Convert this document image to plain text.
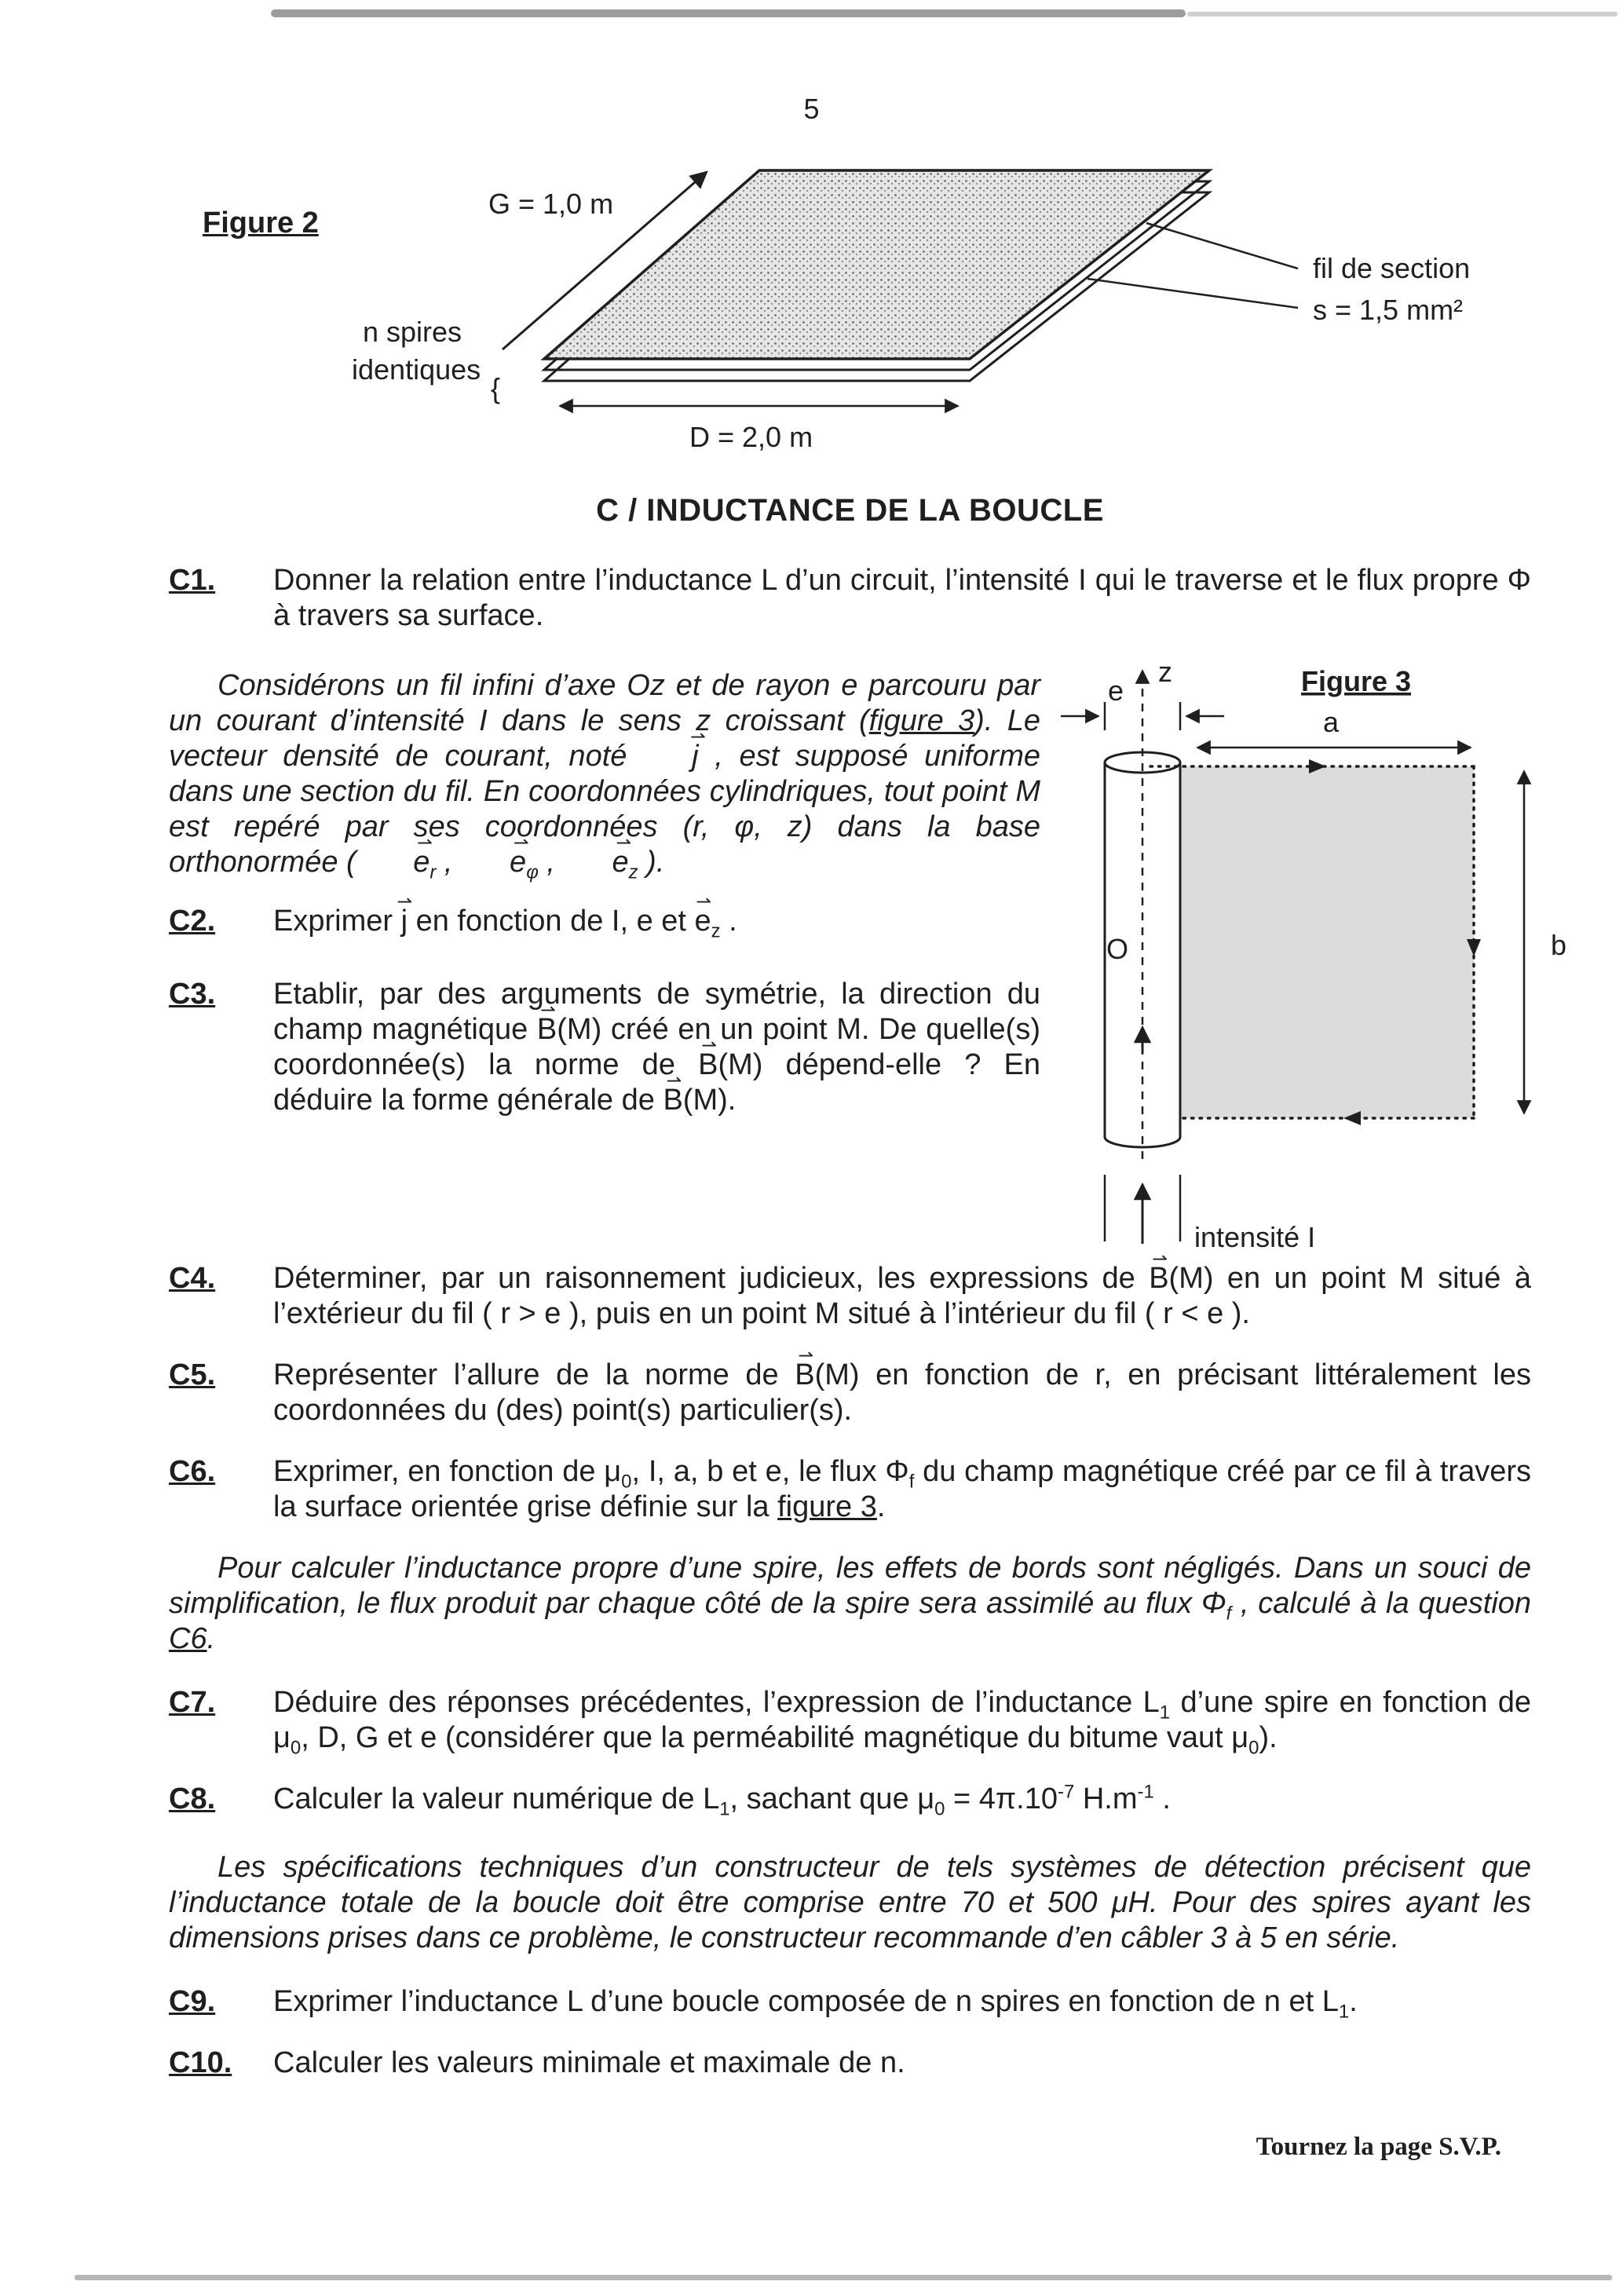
5
Figure 2
G = 1,0 m
{
n spires
identiques
fil de section
s = 1,5 mm²
D = 2,0 m
C / INDUCTANCE DE LA BOUCLE
C1. Donner la relation entre l’inductance L d’un circuit, l’intensité I qui le traverse et le flux propre Φ à travers sa surface.

Considérons un fil infini d’axe Oz et de rayon e parcouru par un courant d’intensité I dans le sens z croissant (figure 3). Le vecteur densité de courant, noté j ⇀ , est supposé uniforme dans une section du fil. En coordonnées cylindriques, tout point M est repéré par ses coordonnées (r, φ, z) dans la base orthonormée ( e $⇀_r$ , e $⇀_\varphi$ , e $⇀_z$ ).

C2. Exprimer j ⇀ en fonction de I, e et e $⇀_z$ .
C3. Etablir, par des arguments de symétrie, la direction du champ magnétique B ⇀(M) créé en un point M. De quelle(s) coordonnée(s) la norme de B ⇀(M) dépend-elle ? En déduire la forme générale de B ⇀(M).
Figure 3
z
e
a
b
O
intensité I
C4. Déterminer, par un raisonnement judicieux, les expressions de B ⇀(M) en un point M situé à l’extérieur du fil ( r > e ), puis en un point M situé à l’intérieur du fil ( r < e ).
C5. Représenter l’allure de la norme de B ⇀(M) en fonction de r, en précisant littéralement les coordonnées du (des) point(s) particulier(s).
C6. Exprimer, en fonction de $\mu_0$, I, a, b et e, le flux $\Phi_f$ du champ magnétique créé par ce fil à travers la surface orientée grise définie sur la figure 3.

Pour calculer l’inductance propre d’une spire, les effets de bords sont négligés. Dans un souci de simplification, le flux produit par chaque côté de la spire sera assimilé au flux $\Phi_f$ , calculé à la question C6.

C7. Déduire des réponses précédentes, l’expression de l’inductance $L_1$ d’une spire en fonction de $\mu_0$, D, G et e (considérer que la perméabilité magnétique du bitume vaut $\mu_0$).
C8. Calculer la valeur numérique de $L_1$, sachant que $\mu_0 = 4\pi.10^{-7}$ $H.m^{-1}$ .

Les spécifications techniques d’un constructeur de tels systèmes de détection précisent que l’inductance totale de la boucle doit être comprise entre 70 et 500 μH. Pour des spires ayant les dimensions prises dans ce problème, le constructeur recommande d’en câbler 3 à 5 en série.

C9. Exprimer l’inductance L d’une boucle composée de n spires en fonction de n et $L_1$.
C10. Calculer les valeurs minimale et maximale de n.
Tournez la page S.V.P.
